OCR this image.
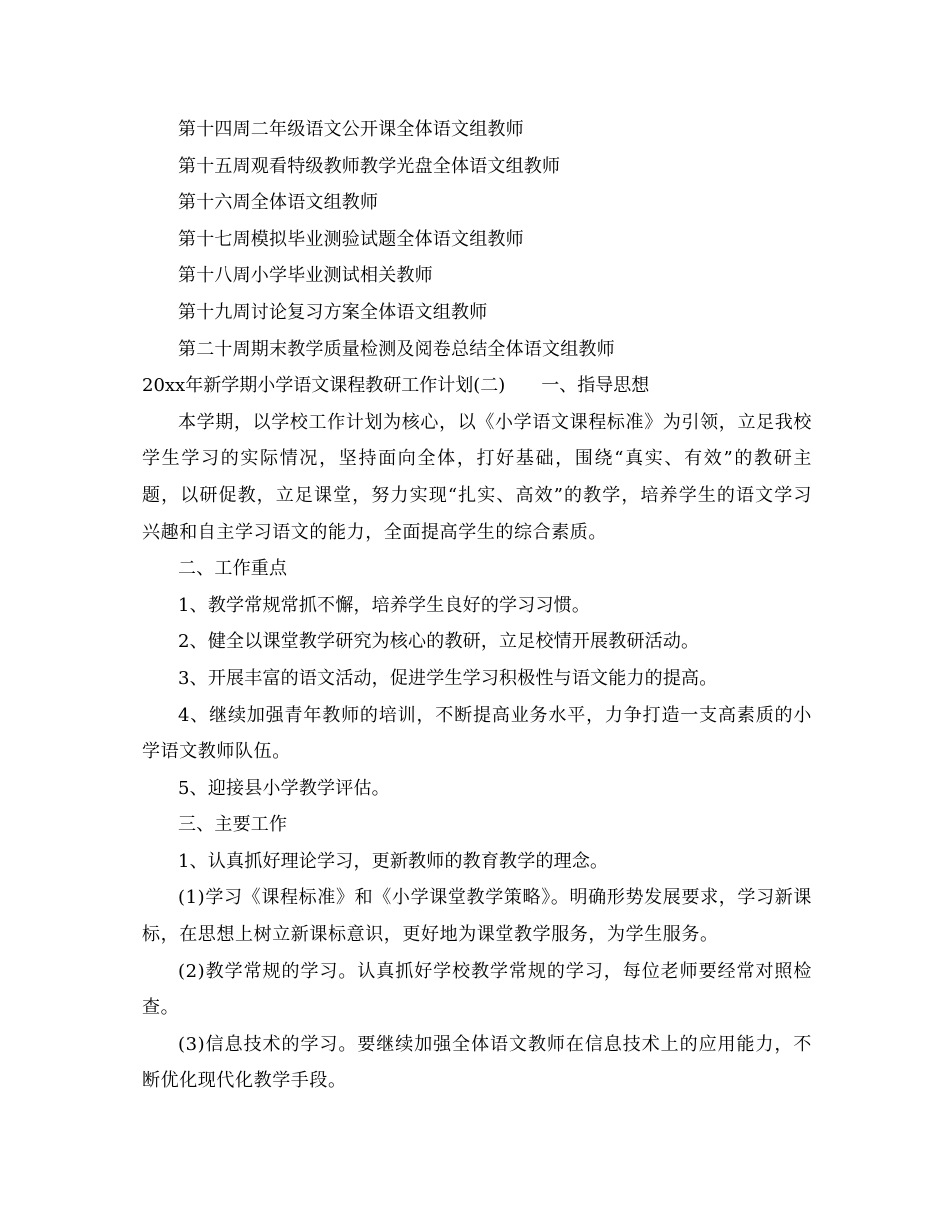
第十四周二年级语文公开课全体语文组教师
第十五周观看特级教师教学光盘全体语文组教师
第十六周全体语文组教师
第十七周模拟毕业测验试题全体语文组教师
第十八周小学毕业测试相关教师
第十九周讨论复习方案全体语文组教师
第二十周期末教学质量检测及阅卷总结全体语文组教师
20xx年新学期小学语文课程教研工作计划(二) 一、指导思想
本学期，以学校工作计划为核心，以《小学语文课程标准》为引领，立足我校学生学习的实际情况，坚持面向全体，打好基础，围绕“真实、有效”的教研主题，以研促教，立足课堂，努力实现“扎实、高效”的教学，培养学生的语文学习兴趣和自主学习语文的能力，全面提高学生的综合素质。
二、工作重点
1、教学常规常抓不懈，培养学生良好的学习习惯。
2、健全以课堂教学研究为核心的教研，立足校情开展教研活动。
3、开展丰富的语文活动，促进学生学习积极性与语文能力的提高。
4、继续加强青年教师的培训，不断提高业务水平，力争打造一支高素质的小学语文教师队伍。
5、迎接县小学教学评估。
三、主要工作
1、认真抓好理论学习，更新教师的教育教学的理念。
(1)学习《课程标准》和《小学课堂教学策略》。明确形势发展要求，学习新课标，在思想上树立新课标意识，更好地为课堂教学服务，为学生服务。
(2)教学常规的学习。认真抓好学校教学常规的学习，每位老师要经常对照检查。
(3)信息技术的学习。要继续加强全体语文教师在信息技术上的应用能力，不断优化现代化教学手段。
